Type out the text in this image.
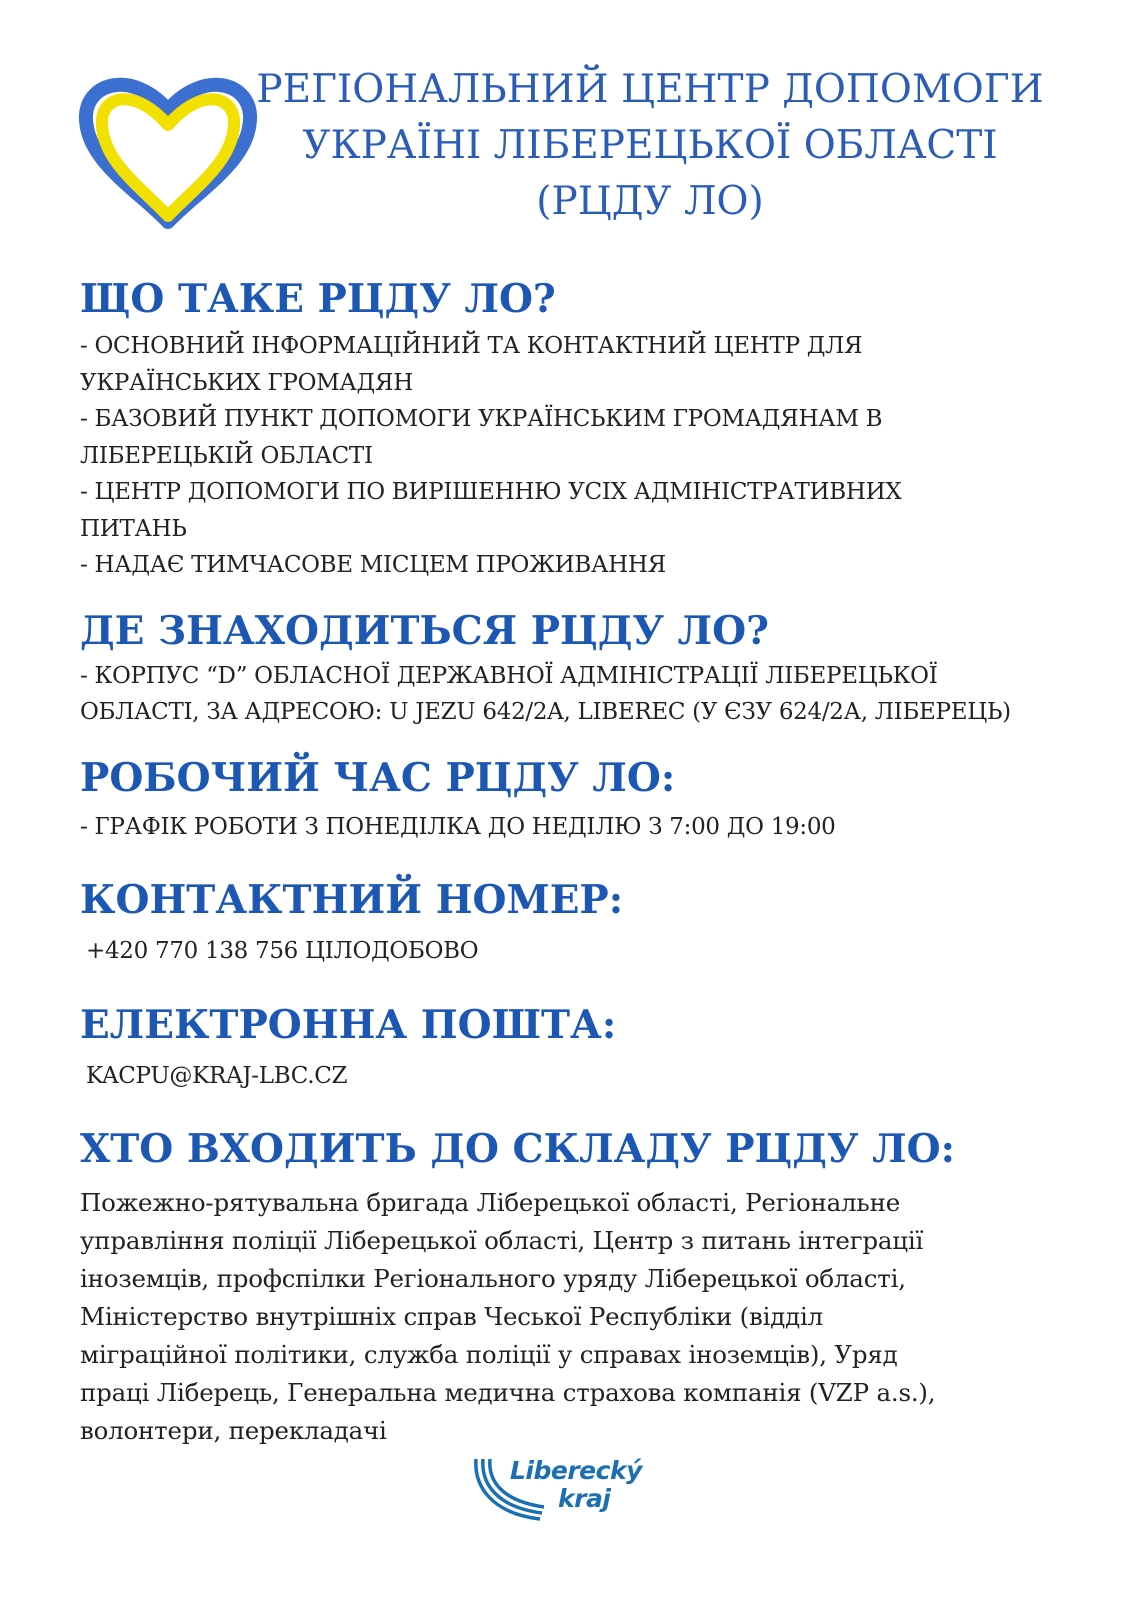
РЕГІОНАЛЬНИЙ ЦЕНТР ДОПОМОГИ
УКРАЇНІ ЛІБЕРЕЦЬКОЇ ОБЛАСТІ
(РЦДУ ЛО)
ЩО ТАКЕ РЦДУ ЛО?
- ОСНОВНИЙ ІНФОРМАЦІЙНИЙ ТА КОНТАКТНИЙ ЦЕНТР ДЛЯ
УКРАЇНСЬКИХ ГРОМАДЯН
- БАЗОВИЙ ПУНКТ ДОПОМОГИ УКРАЇНСЬКИМ ГРОМАДЯНАМ В
ЛІБЕРЕЦЬКІЙ ОБЛАСТІ
- ЦЕНТР ДОПОМОГИ ПО ВИРІШЕННЮ УСІХ АДМІНІСТРАТИВНИХ
ПИТАНЬ
- НАДАЄ ТИМЧАСОВЕ МІСЦЕМ ПРОЖИВАННЯ
ДЕ ЗНАХОДИТЬСЯ РЦДУ ЛО?
- КОРПУС “D” ОБЛАСНОЇ ДЕРЖАВНОЇ АДМІНІСТРАЦІЇ ЛІБЕРЕЦЬКОЇ
ОБЛАСТІ, ЗА АДРЕСОЮ: U JEZU 642/2A, LIBEREC (У ЄЗУ 624/2А, ЛІБЕРЕЦЬ)
РОБОЧИЙ ЧАС РЦДУ ЛО:
- ГРАФІК РОБОТИ З ПОНЕДІЛКА ДО НЕДІЛЮ З 7:00 ДО 19:00
КОНТАКТНИЙ НОМЕР:
+420 770 138 756 ЦІЛОДОБОВО
ЕЛЕКТРОННА ПОШТА:
KACPU@KRAJ-LBC.CZ
ХТО ВХОДИТЬ ДО СКЛАДУ РЦДУ ЛО:
Пожежно-рятувальна бригада Ліберецької області, Регіональне
управління поліції Ліберецької області, Центр з питань інтеграції
іноземців, профспілки Регіонального уряду Ліберецької області,
Міністерство внутрішніх справ Чеської Республіки (відділ
міграційної політики, служба поліції у справах іноземців), Уряд
праці Ліберець, Генеральна медична страхова компанія (VZP a.s.),
волонтери, перекладачі
Liberecký
kraj
